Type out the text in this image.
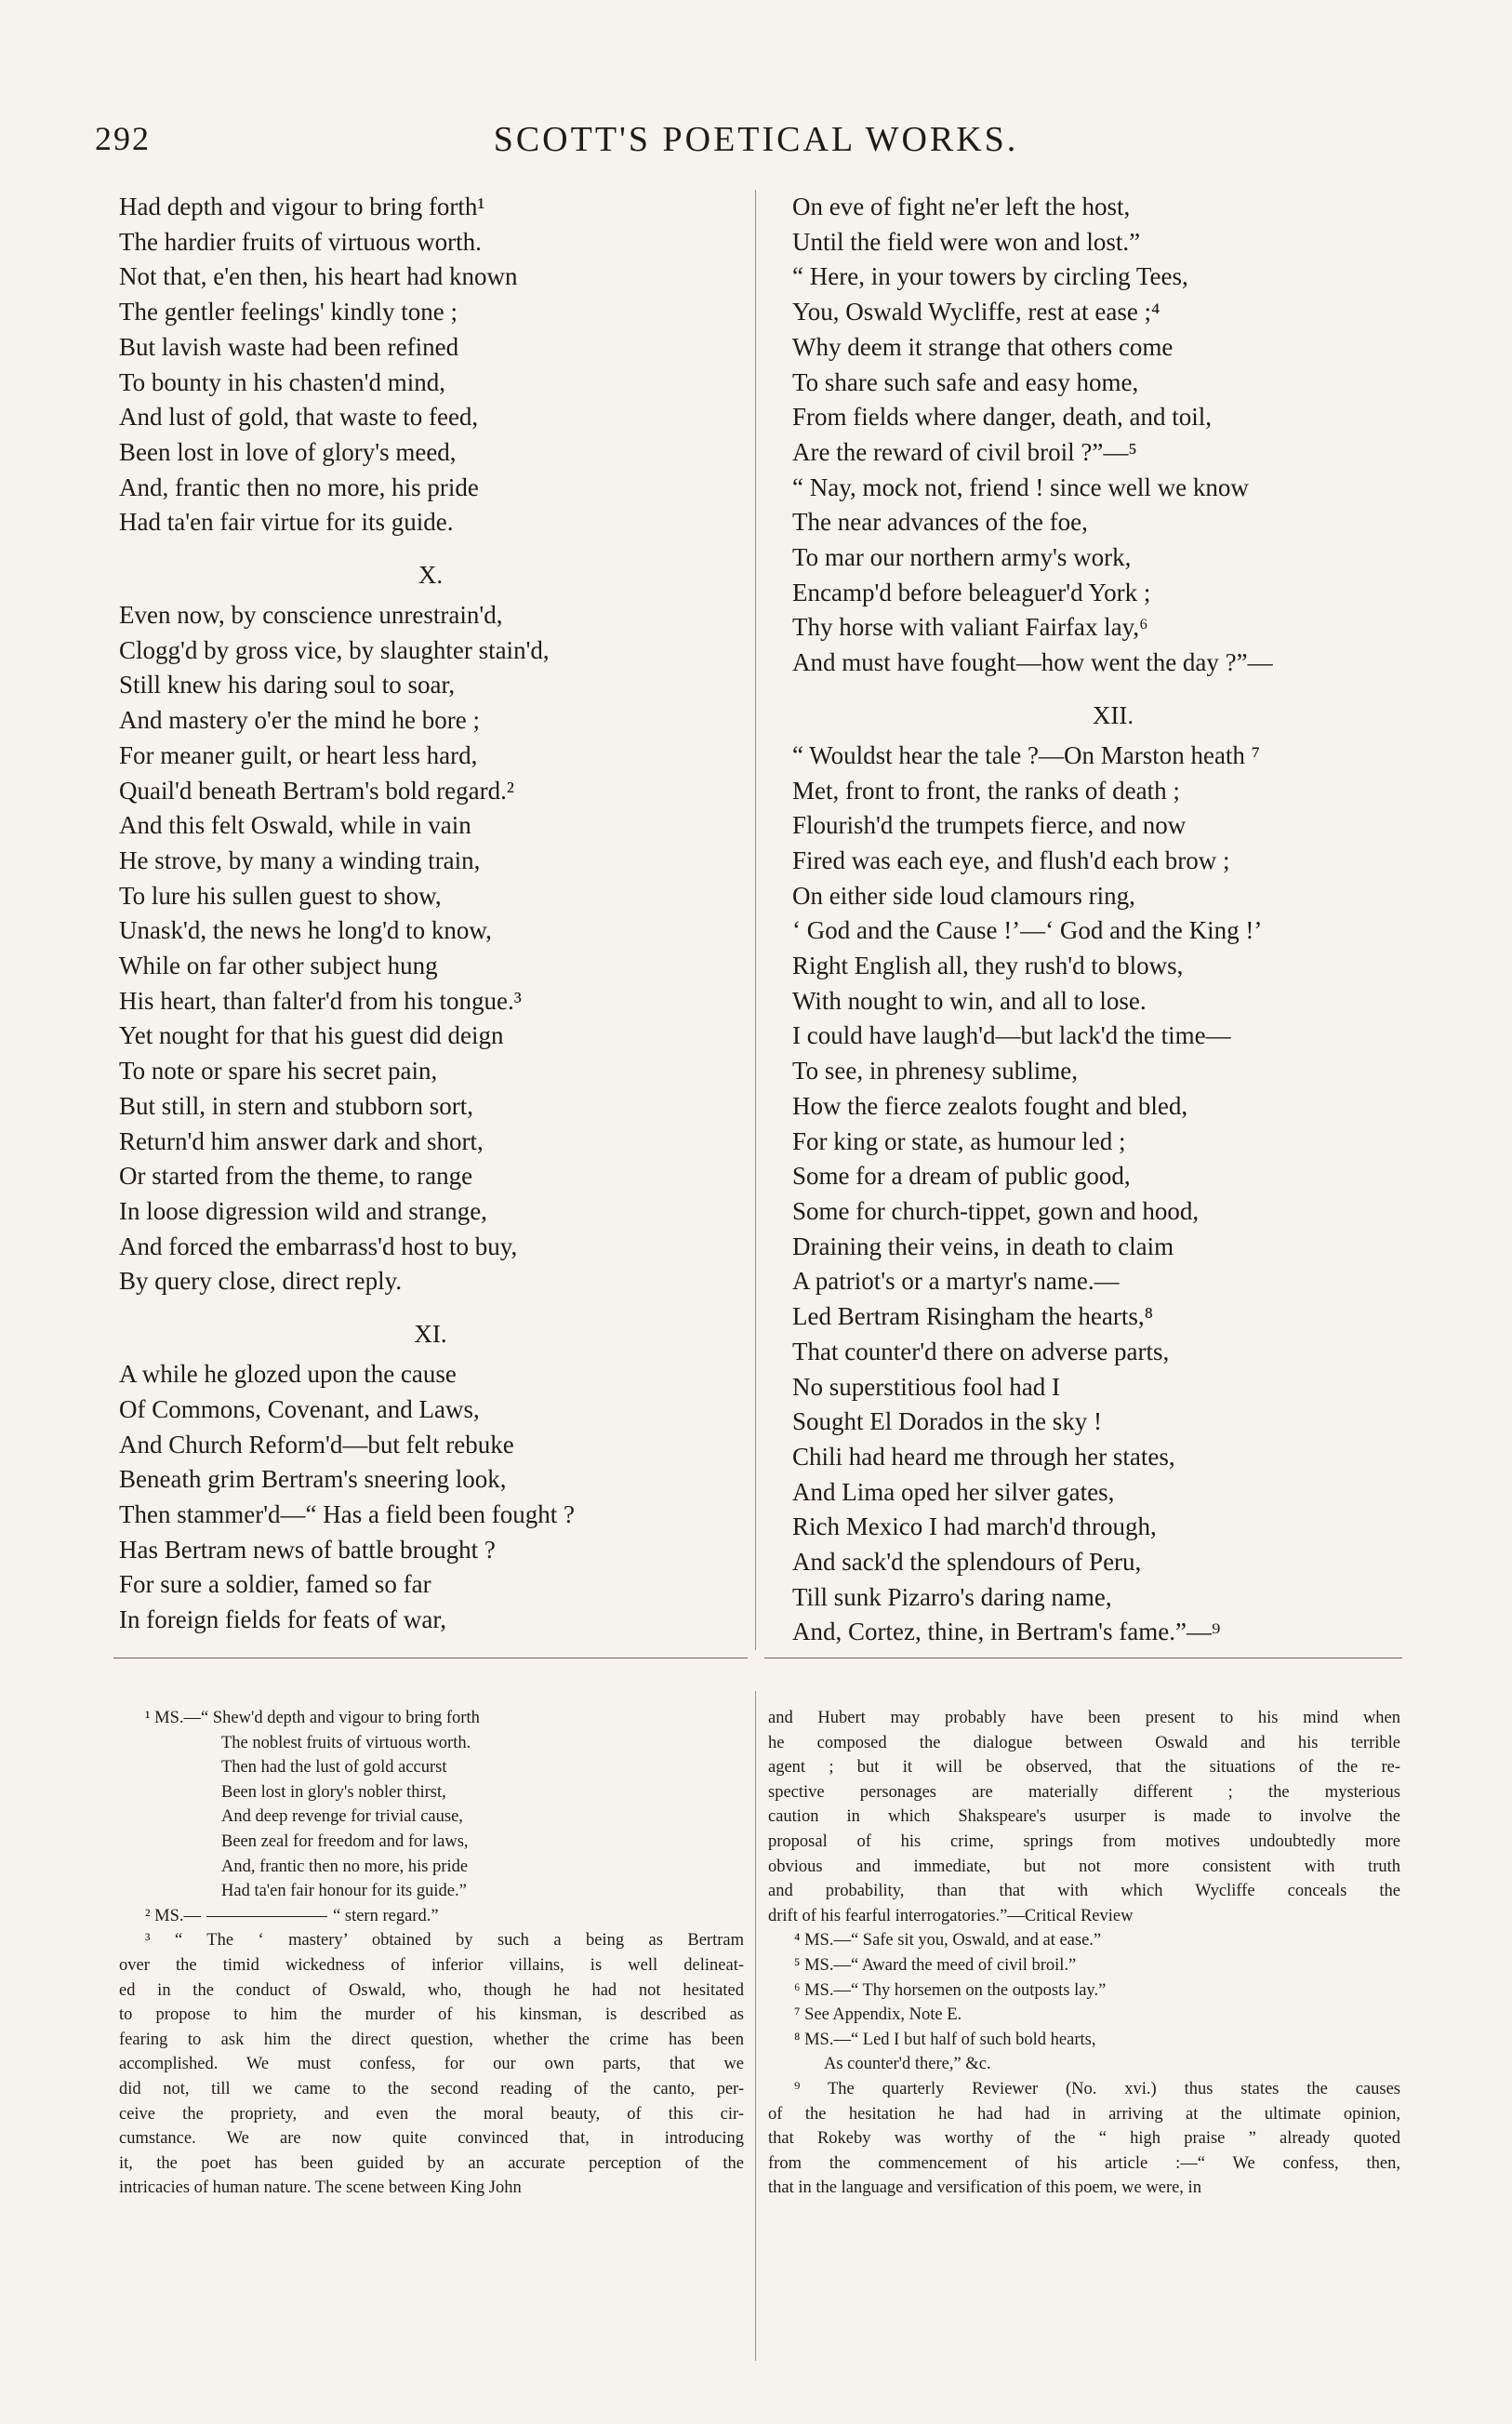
292	SCOTT'S POETICAL WORKS.
Had depth and vigour to bring forth¹
The hardier fruits of virtuous worth.
Not that, e'en then, his heart had known
The gentler feelings' kindly tone ;
But lavish waste had been refined
To bounty in his chasten'd mind,
And lust of gold, that waste to feed,
Been lost in love of glory's meed,
And, frantic then no more, his pride
Had ta'en fair virtue for its guide.
X.
Even now, by conscience unrestrain'd,
Clogg'd by gross vice, by slaughter stain'd,
Still knew his daring soul to soar,
And mastery o'er the mind he bore ;
For meaner guilt, or heart less hard,
Quail'd beneath Bertram's bold regard.²
And this felt Oswald, while in vain
He strove, by many a winding train,
To lure his sullen guest to show,
Unask'd, the news he long'd to know,
While on far other subject hung
His heart, than falter'd from his tongue.³
Yet nought for that his guest did deign
To note or spare his secret pain,
But still, in stern and stubborn sort,
Return'd him answer dark and short,
Or started from the theme, to range
In loose digression wild and strange,
And forced the embarrass'd host to buy,
By query close, direct reply.
XI.
A while he glozed upon the cause
Of Commons, Covenant, and Laws,
And Church Reform'd—but felt rebuke
Beneath grim Bertram's sneering look,
Then stammer'd—“ Has a field been fought ?
Has Bertram news of battle brought ?
For sure a soldier, famed so far
In foreign fields for feats of war,
On eve of fight ne'er left the host,
Until the field were won and lost.”
“ Here, in your towers by circling Tees,
You, Oswald Wycliffe, rest at ease ;⁴
Why deem it strange that others come
To share such safe and easy home,
From fields where danger, death, and toil,
Are the reward of civil broil ?”—⁵
“ Nay, mock not, friend ! since well we know
The near advances of the foe,
To mar our northern army's work,
Encamp'd before beleaguer'd York ;
Thy horse with valiant Fairfax lay,⁶
And must have fought—how went the day ?”—
XII.
“ Wouldst hear the tale ?—On Marston heath ⁷
Met, front to front, the ranks of death ;
Flourish'd the trumpets fierce, and now
Fired was each eye, and flush'd each brow ;
On either side loud clamours ring,
‘ God and the Cause !’—‘ God and the King !’
Right English all, they rush'd to blows,
With nought to win, and all to lose.
I could have laugh'd—but lack'd the time—
To see, in phrenesy sublime,
How the fierce zealots fought and bled,
For king or state, as humour led ;
Some for a dream of public good,
Some for church-tippet, gown and hood,
Draining their veins, in death to claim
A patriot's or a martyr's name.—
Led Bertram Risingham the hearts,⁸
That counter'd there on adverse parts,
No superstitious fool had I
Sought El Dorados in the sky !
Chili had heard me through her states,
And Lima oped her silver gates,
Rich Mexico I had march'd through,
And sack'd the splendours of Peru,
Till sunk Pizarro's daring name,
And, Cortez, thine, in Bertram's fame.”—⁹
¹ MS.—“ Shew'd depth and vigour to bring forth
The noblest fruits of virtuous worth.
Then had the lust of gold accurst
Been lost in glory's nobler thirst,
And deep revenge for trivial cause,
Been zeal for freedom and for laws,
And, frantic then no more, his pride
Had ta'en fair honour for its guide.”
² MS.—	“ stern regard.”
³ “ The ‘ mastery’ obtained by such a being as Bertram
over the timid wickedness of inferior villains, is well delineat-
ed in the conduct of Oswald, who, though he had not hesitated
to propose to him the murder of his kinsman, is described as
fearing to ask him the direct question, whether the crime has been
accomplished. We must confess, for our own parts, that we
did not, till we came to the second reading of the canto, per-
ceive the propriety, and even the moral beauty, of this cir-
cumstance. We are now quite convinced that, in introducing
it, the poet has been guided by an accurate perception of the
intricacies of human nature. The scene between King John
and Hubert may probably have been present to his mind when
he composed the dialogue between Oswald and his terrible
agent ; but it will be observed, that the situations of the re-
spective personages are materially different ; the mysterious
caution in which Shakspeare's usurper is made to involve the
proposal of his crime, springs from motives undoubtedly more
obvious and immediate, but not more consistent with truth
and probability, than that with which Wycliffe conceals the
drift of his fearful interrogatories.”—Critical Review
⁴ MS.—“ Safe sit you, Oswald, and at ease.”
⁵ MS.—“ Award the meed of civil broil.”
⁶ MS.—“ Thy horsemen on the outposts lay.”
⁷ See Appendix, Note E.
⁸ MS.—“ Led I but half of such bold hearts,
As counter'd there,” &c.
⁹ The quarterly Reviewer (No. xvi.) thus states the causes
of the hesitation he had had in arriving at the ultimate opinion,
that Rokeby was worthy of the “ high praise ” already quoted
from the commencement of his article :—“ We confess, then,
that in the language and versification of this poem, we were, in
